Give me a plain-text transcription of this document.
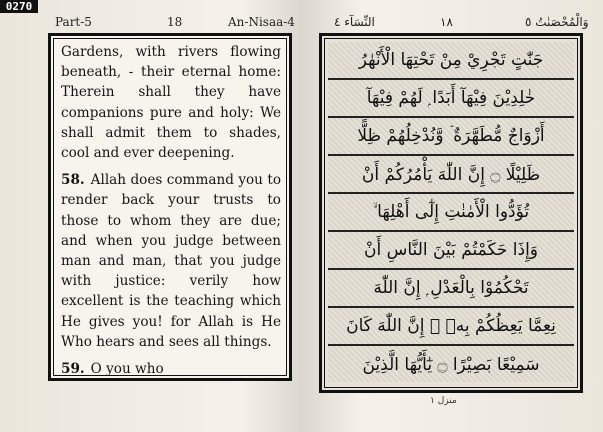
0270
Part-5	18	An-Nisaa-4	النِّسَآء ٤	١٨	وَالْمُحْصَنٰتُ ٥

Gardens, with rivers flowing beneath, - their eternal home: Therein shall they have companions pure and holy: We shall admit them to shades, cool and ever deepening.

58. Allah does command you to render back your trusts to those to whom they are due; and when you judge between man and man, that you judge with justice: verily how excellent is the teaching which He gives you! for Allah is He Who hears and sees all things.

59. O you who

جَنّٰتٍ تَجْرِيْ مِنْ تَحْتِهَا الْأَنْهٰرُ
خٰلِدِيْنَ فِيْهَآ أَبَدًا ۭ لَهُمْ فِيْهَآ
أَزْوَاجٌ مُّطَهَّرَةٌ ۡ وَّنُدْخِلُهُمْ ظِلًّا
ظَلِيْلًا ۝ إِنَّ اللّٰهَ يَأْمُرُكُمْ أَنْ
تُؤَدُّوا الْأَمٰنٰتِ إِلٰٓى أَهْلِهَا ۙ
وَإِذَا حَكَمْتُمْ بَيْنَ النَّاسِ أَنْ
تَحْكُمُوْا بِالْعَدْلِ ۭ إِنَّ اللّٰهَ
نِعِمَّا يَعِظُكُمْ بِهٖ ۭ إِنَّ اللّٰهَ كَانَ
سَمِيْعًا بَصِيْرًا ۝ يٰٓأَيُّهَا الَّذِيْنَ
منزل ١
